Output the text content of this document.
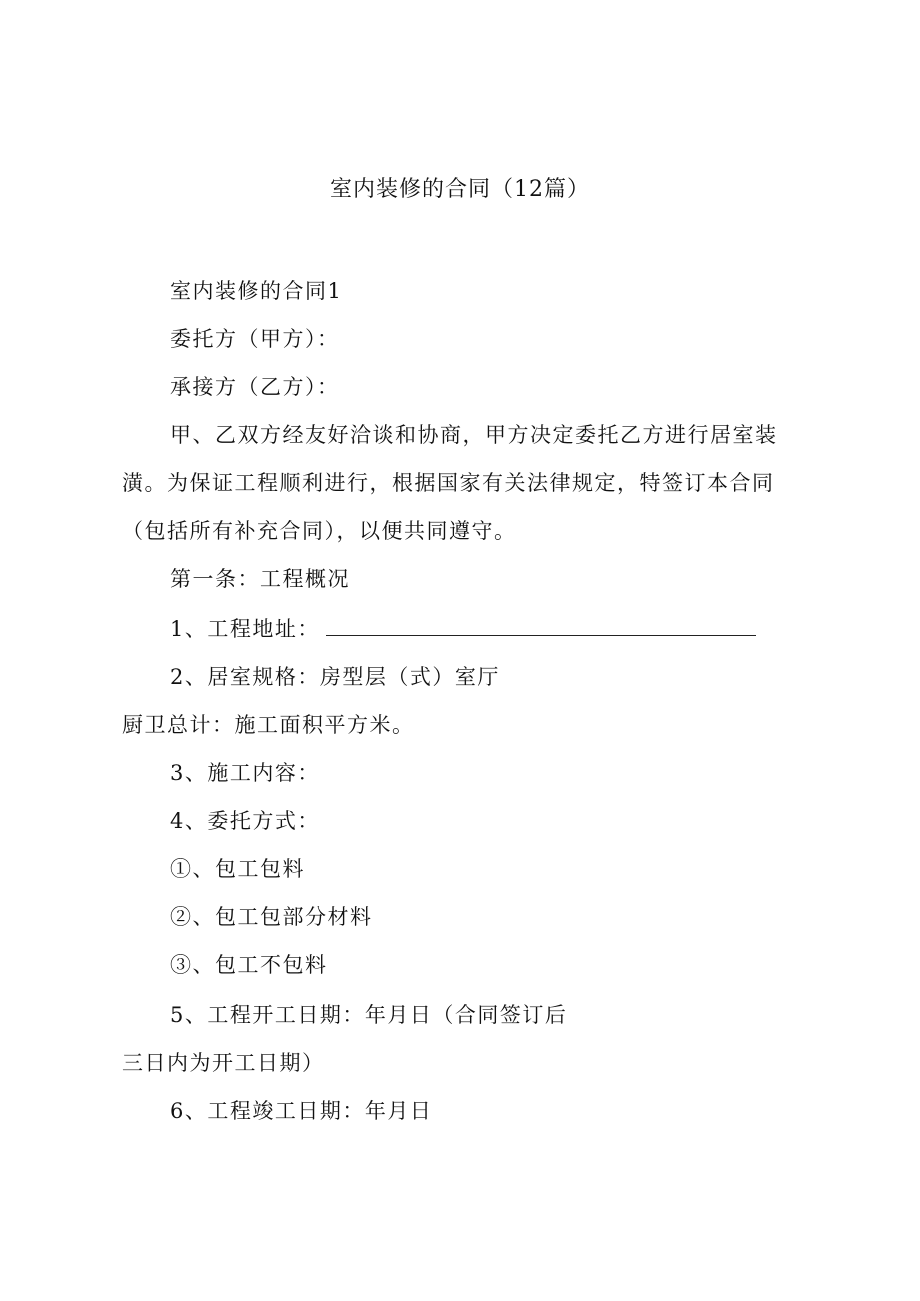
室内装修的合同（12篇）
室内装修的合同1
委托方（甲方）：
承接方（乙方）：
甲、乙双方经友好洽谈和协商，甲方决定委托乙方进行居室装
潢。为保证工程顺利进行，根据国家有关法律规定，特签订本合同
（包括所有补充合同），以便共同遵守。
第一条：工程概况
1、工程地址：
2、居室规格：房型层（式）室厅
厨卫总计：施工面积平方米。
3、施工内容：
4、委托方式：
①、包工包料
②、包工包部分材料
③、包工不包料
5、工程开工日期：年月日（合同签订后
三日内为开工日期）
6、工程竣工日期：年月日
